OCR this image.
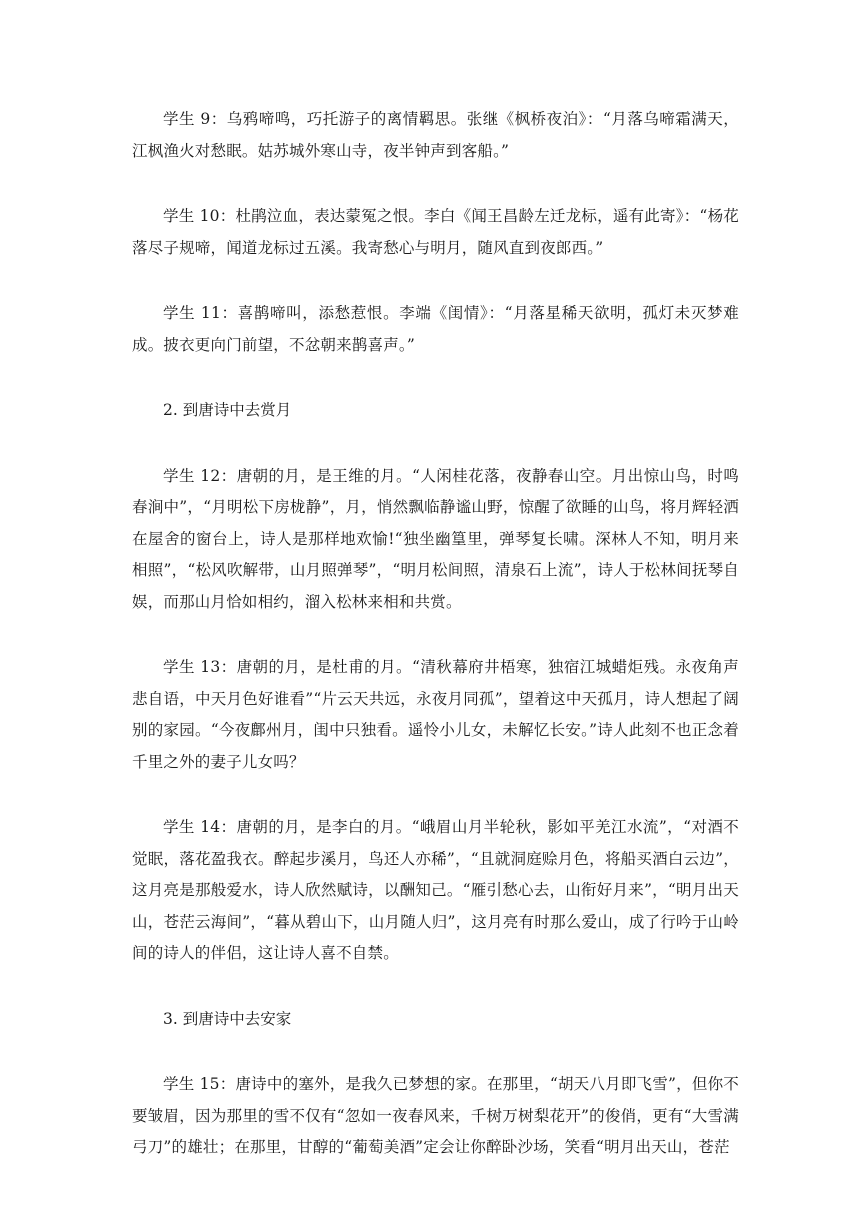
学生 9：乌鸦啼鸣，巧托游子的离情羁思。张继《枫桥夜泊》：“月落乌啼霜满天，江枫渔火对愁眠。姑苏城外寒山寺，夜半钟声到客船。”

学生 10：杜鹃泣血，表达蒙冤之恨。李白《闻王昌龄左迁龙标，遥有此寄》：“杨花落尽子规啼，闻道龙标过五溪。我寄愁心与明月，随风直到夜郎西。”

学生 11：喜鹊啼叫，添愁惹恨。李端《闺情》：“月落星稀天欲明，孤灯未灭梦难成。披衣更向门前望，不忿朝来鹊喜声。”

2. 到唐诗中去赏月

学生 12：唐朝的月，是王维的月。“人闲桂花落，夜静春山空。月出惊山鸟，时鸣春涧中”，“月明松下房栊静”，月，悄然飘临静谧山野，惊醒了欲睡的山鸟，将月辉轻洒在屋舍的窗台上，诗人是那样地欢愉!“独坐幽篁里，弹琴复长啸。深林人不知，明月来相照”，“松风吹解带，山月照弹琴”，“明月松间照，清泉石上流”，诗人于松林间抚琴自娱，而那山月恰如相约，溜入松林来相和共赏。

学生 13：唐朝的月，是杜甫的月。“清秋幕府井梧寒，独宿江城蜡炬残。永夜角声悲自语，中天月色好谁看”“片云天共远，永夜月同孤”，望着这中天孤月，诗人想起了阔别的家园。“今夜鄜州月，闺中只独看。遥怜小儿女，未解忆长安。”诗人此刻不也正念着千里之外的妻子儿女吗？

学生 14：唐朝的月，是李白的月。“峨眉山月半轮秋，影如平羌江水流”，“对酒不觉眠，落花盈我衣。醉起步溪月，鸟还人亦稀”，“且就洞庭赊月色，将船买酒白云边”，这月亮是那般爱水，诗人欣然赋诗，以酬知己。“雁引愁心去，山衔好月来”，“明月出天山，苍茫云海间”，“暮从碧山下，山月随人归”，这月亮有时那么爱山，成了行吟于山岭间的诗人的伴侣，这让诗人喜不自禁。

3. 到唐诗中去安家

学生 15：唐诗中的塞外，是我久已梦想的家。在那里，“胡天八月即飞雪”，但你不要皱眉，因为那里的雪不仅有“忽如一夜春风来，千树万树梨花开”的俊俏，更有“大雪满弓刀”的雄壮；在那里，甘醇的“葡萄美酒”定会让你醉卧沙场，笑看“明月出天山，苍茫
